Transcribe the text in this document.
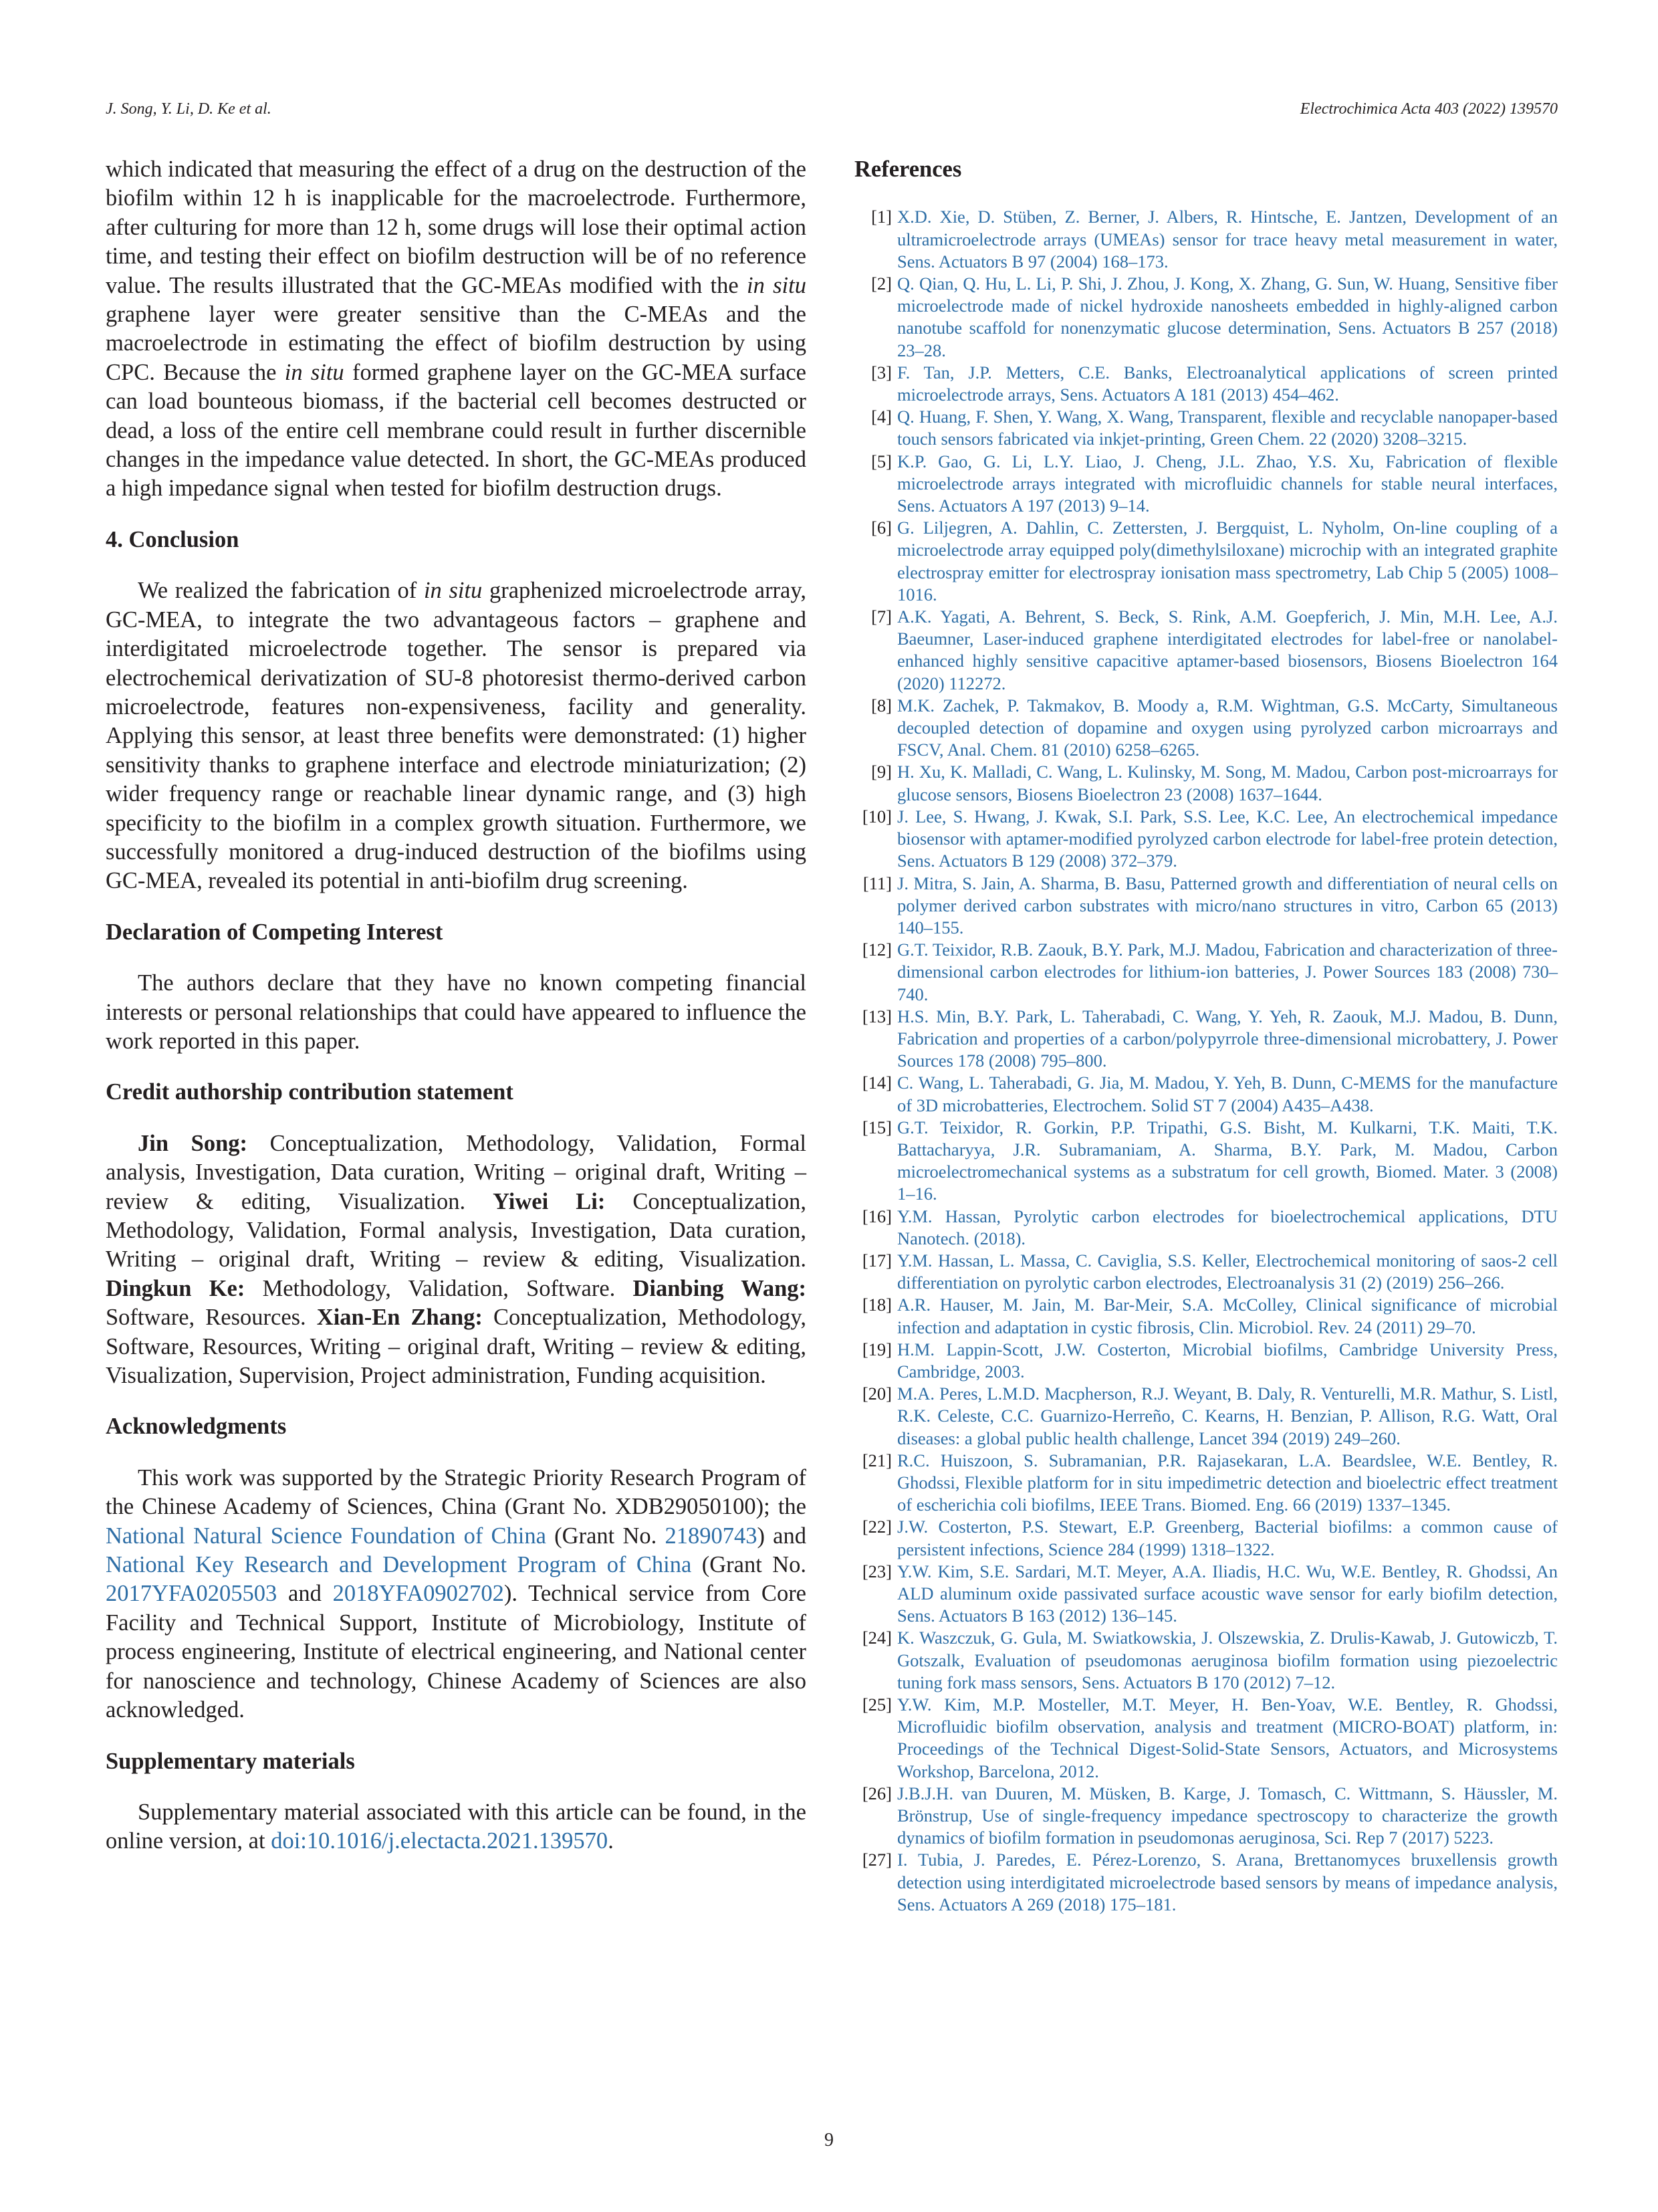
J. Song, Y. Li, D. Ke et al.	Electrochimica Acta 403 (2022) 139570

which indicated that measuring the effect of a drug on the destruction of the biofilm within 12 h is inapplicable for the macroelectrode. Furthermore, after culturing for more than 12 h, some drugs will lose their optimal action time, and testing their effect on biofilm destruction will be of no reference value. The results illustrated that the GC-MEAs modified with the in situ graphene layer were greater sensitive than the C-MEAs and the macroelectrode in estimating the effect of biofilm destruction by using CPC. Because the in situ formed graphene layer on the GC-MEA surface can load bounteous biomass, if the bacterial cell becomes destructed or dead, a loss of the entire cell membrane could result in further discernible changes in the impedance value detected. In short, the GC-MEAs produced a high impedance signal when tested for biofilm destruction drugs.

4. Conclusion

We realized the fabrication of in situ graphenized microelectrode array, GC-MEA, to integrate the two advantageous factors – graphene and interdigitated microelectrode together. The sensor is prepared via electrochemical derivatization of SU-8 photoresist thermo-derived carbon microelectrode, features non-expensiveness, facility and generality. Applying this sensor, at least three benefits were demonstrated: (1) higher sensitivity thanks to graphene interface and electrode miniaturization; (2) wider frequency range or reachable linear dynamic range, and (3) high specificity to the biofilm in a complex growth situation. Furthermore, we successfully monitored a drug-induced destruction of the biofilms using GC-MEA, revealed its potential in anti-biofilm drug screening.

Declaration of Competing Interest

The authors declare that they have no known competing financial interests or personal relationships that could have appeared to influence the work reported in this paper.

Credit authorship contribution statement

Jin Song: Conceptualization, Methodology, Validation, Formal analysis, Investigation, Data curation, Writing – original draft, Writing – review & editing, Visualization. Yiwei Li: Conceptualization, Methodology, Validation, Formal analysis, Investigation, Data curation, Writing – original draft, Writing – review & editing, Visualization. Dingkun Ke: Methodology, Validation, Software. Dianbing Wang: Software, Resources. Xian-En Zhang: Conceptualization, Methodology, Software, Resources, Writing – original draft, Writing – review & editing, Visualization, Supervision, Project administration, Funding acquisition.

Acknowledgments

This work was supported by the Strategic Priority Research Program of the Chinese Academy of Sciences, China (Grant No. XDB29050100); the National Natural Science Foundation of China (Grant No. 21890743) and National Key Research and Development Program of China (Grant No. 2017YFA0205503 and 2018YFA0902702). Technical service from Core Facility and Technical Support, Institute of Microbiology, Institute of process engineering, Institute of electrical engineering, and National center for nanoscience and technology, Chinese Academy of Sciences are also acknowledged.

Supplementary materials

Supplementary material associated with this article can be found, in the online version, at doi:10.1016/j.electacta.2021.139570.

References
[1] X.D. Xie, D. Stüben, Z. Berner, J. Albers, R. Hintsche, E. Jantzen, Development of an ultramicroelectrode arrays (UMEAs) sensor for trace heavy metal measurement in water, Sens. Actuators B 97 (2004) 168–173.
[2] Q. Qian, Q. Hu, L. Li, P. Shi, J. Zhou, J. Kong, X. Zhang, G. Sun, W. Huang, Sensitive fiber microelectrode made of nickel hydroxide nanosheets embedded in highly-aligned carbon nanotube scaffold for nonenzymatic glucose determination, Sens. Actuators B 257 (2018) 23–28.
[3] F. Tan, J.P. Metters, C.E. Banks, Electroanalytical applications of screen printed microelectrode arrays, Sens. Actuators A 181 (2013) 454–462.
[4] Q. Huang, F. Shen, Y. Wang, X. Wang, Transparent, flexible and recyclable nanopaper-based touch sensors fabricated via inkjet-printing, Green Chem. 22 (2020) 3208–3215.
[5] K.P. Gao, G. Li, L.Y. Liao, J. Cheng, J.L. Zhao, Y.S. Xu, Fabrication of flexible microelectrode arrays integrated with microfluidic channels for stable neural interfaces, Sens. Actuators A 197 (2013) 9–14.
[6] G. Liljegren, A. Dahlin, C. Zettersten, J. Bergquist, L. Nyholm, On-line coupling of a microelectrode array equipped poly(dimethylsiloxane) microchip with an integrated graphite electrospray emitter for electrospray ionisation mass spectrometry, Lab Chip 5 (2005) 1008–1016.
[7] A.K. Yagati, A. Behrent, S. Beck, S. Rink, A.M. Goepferich, J. Min, M.H. Lee, A.J. Baeumner, Laser-induced graphene interdigitated electrodes for label-free or nanolabel-enhanced highly sensitive capacitive aptamer-based biosensors, Biosens Bioelectron 164 (2020) 112272.
[8] M.K. Zachek, P. Takmakov, B. Moody a, R.M. Wightman, G.S. McCarty, Simultaneous decoupled detection of dopamine and oxygen using pyrolyzed carbon microarrays and FSCV, Anal. Chem. 81 (2010) 6258–6265.
[9] H. Xu, K. Malladi, C. Wang, L. Kulinsky, M. Song, M. Madou, Carbon post-microarrays for glucose sensors, Biosens Bioelectron 23 (2008) 1637–1644.
[10] J. Lee, S. Hwang, J. Kwak, S.I. Park, S.S. Lee, K.C. Lee, An electrochemical impedance biosensor with aptamer-modified pyrolyzed carbon electrode for label-free protein detection, Sens. Actuators B 129 (2008) 372–379.
[11] J. Mitra, S. Jain, A. Sharma, B. Basu, Patterned growth and differentiation of neural cells on polymer derived carbon substrates with micro/nano structures in vitro, Carbon 65 (2013) 140–155.
[12] G.T. Teixidor, R.B. Zaouk, B.Y. Park, M.J. Madou, Fabrication and characterization of three-dimensional carbon electrodes for lithium-ion batteries, J. Power Sources 183 (2008) 730–740.
[13] H.S. Min, B.Y. Park, L. Taherabadi, C. Wang, Y. Yeh, R. Zaouk, M.J. Madou, B. Dunn, Fabrication and properties of a carbon/polypyrrole three-dimensional microbattery, J. Power Sources 178 (2008) 795–800.
[14] C. Wang, L. Taherabadi, G. Jia, M. Madou, Y. Yeh, B. Dunn, C-MEMS for the manufacture of 3D microbatteries, Electrochem. Solid ST 7 (2004) A435–A438.
[15] G.T. Teixidor, R. Gorkin, P.P. Tripathi, G.S. Bisht, M. Kulkarni, T.K. Maiti, T.K. Battacharyya, J.R. Subramaniam, A. Sharma, B.Y. Park, M. Madou, Carbon microelectromechanical systems as a substratum for cell growth, Biomed. Mater. 3 (2008) 1–16.
[16] Y.M. Hassan, Pyrolytic carbon electrodes for bioelectrochemical applications, DTU Nanotech. (2018).
[17] Y.M. Hassan, L. Massa, C. Caviglia, S.S. Keller, Electrochemical monitoring of saos-2 cell differentiation on pyrolytic carbon electrodes, Electroanalysis 31 (2) (2019) 256–266.
[18] A.R. Hauser, M. Jain, M. Bar-Meir, S.A. McColley, Clinical significance of microbial infection and adaptation in cystic fibrosis, Clin. Microbiol. Rev. 24 (2011) 29–70.
[19] H.M. Lappin-Scott, J.W. Costerton, Microbial biofilms, Cambridge University Press, Cambridge, 2003.
[20] M.A. Peres, L.M.D. Macpherson, R.J. Weyant, B. Daly, R. Venturelli, M.R. Mathur, S. Listl, R.K. Celeste, C.C. Guarnizo-Herreño, C. Kearns, H. Benzian, P. Allison, R.G. Watt, Oral diseases: a global public health challenge, Lancet 394 (2019) 249–260.
[21] R.C. Huiszoon, S. Subramanian, P.R. Rajasekaran, L.A. Beardslee, W.E. Bentley, R. Ghodssi, Flexible platform for in situ impedimetric detection and bioelectric effect treatment of escherichia coli biofilms, IEEE Trans. Biomed. Eng. 66 (2019) 1337–1345.
[22] J.W. Costerton, P.S. Stewart, E.P. Greenberg, Bacterial biofilms: a common cause of persistent infections, Science 284 (1999) 1318–1322.
[23] Y.W. Kim, S.E. Sardari, M.T. Meyer, A.A. Iliadis, H.C. Wu, W.E. Bentley, R. Ghodssi, An ALD aluminum oxide passivated surface acoustic wave sensor for early biofilm detection, Sens. Actuators B 163 (2012) 136–145.
[24] K. Waszczuk, G. Gula, M. Swiatkowskia, J. Olszewskia, Z. Drulis-Kawab, J. Gutowiczb, T. Gotszalk, Evaluation of pseudomonas aeruginosa biofilm formation using piezoelectric tuning fork mass sensors, Sens. Actuators B 170 (2012) 7–12.
[25] Y.W. Kim, M.P. Mosteller, M.T. Meyer, H. Ben-Yoav, W.E. Bentley, R. Ghodssi, Microfluidic biofilm observation, analysis and treatment (MICRO-BOAT) platform, in: Proceedings of the Technical Digest-Solid-State Sensors, Actuators, and Microsystems Workshop, Barcelona, 2012.
[26] J.B.J.H. van Duuren, M. Müsken, B. Karge, J. Tomasch, C. Wittmann, S. Häussler, M. Brönstrup, Use of single-frequency impedance spectroscopy to characterize the growth dynamics of biofilm formation in pseudomonas aeruginosa, Sci. Rep 7 (2017) 5223.
[27] I. Tubia, J. Paredes, E. Pérez-Lorenzo, S. Arana, Brettanomyces bruxellensis growth detection using interdigitated microelectrode based sensors by means of impedance analysis, Sens. Actuators A 269 (2018) 175–181.
9
